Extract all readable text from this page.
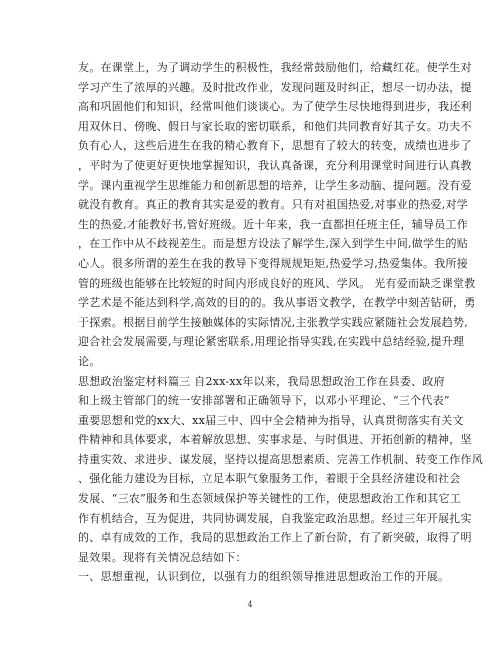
友。在课堂上，为了调动学生的积极性，我经常鼓励他们，给藏红花。使学生对
学习产生了浓厚的兴趣。及时批改作业，发现问题及时纠正，想尽一切办法，提
高和巩固他们和知识，经常叫他们谈谈心。为了使学生尽快地得到进步，我还利
用双休日、傍晚、假日与家长取的密切联系，和他们共同教育好其子女。功夫不
负有心人，这些后进生在我的精心教育下，思想有了较大的转变，成绩也进步了
，平时为了使更好更快地掌握知识，我认真备课，充分利用课堂时间进行认真教
学。课内重视学生思维能力和创新思想的培养，让学生多动脑、提问题。没有爱
就没有教育。真正的教育其实是爱的教育。只有对祖国热爱,对事业的热爱,对学
生的热爱,才能教好书,管好班级。近十年来，我一直都担任班主任，辅导员工作
，在工作中从不歧视差生。而是想方设法了解学生,深入到学生中间,做学生的贴
心人。很多所谓的差生在我的教导下变得规规矩矩,热爱学习,热爱集体。我所接
管的班级也能够在比较短的时间内形成良好的班风、学风。 光有爱而缺乏课堂教
学艺术是不能达到科学,高效的目的的。我从事语文教学，在教学中刻苦钻研，勇
于探索。根据目前学生接触媒体的实际情况,主张教学实践应紧随社会发展趋势,
迎合社会发展需要,与理论紧密联系,用理论指导实践,在实践中总结经验,提升理
论。
思想政治鉴定材料篇三 自2xx-xx年以来，我局思想政治工作在县委、政府
和上级主管部门的统一安排部署和正确领导下，以邓小平理论、“三个代表”
重要思想和党的xx大、xx届三中、四中全会精神为指导，认真贯彻落实有关文
件精神和具体要求，本着解放思想、实事求是、与时俱进、开拓创新的精神，坚
持重实效、求进步、谋发展，坚持以提高思想素质、完善工作机制、转变工作作风
、强化能力建设为目标，立足本职气象服务工作，着眼于全县经济建设和社会
发展、“三农”服务和生态领域保护等关键性的工作，使思想政治工作和其它工
作有机结合，互为促进，共同协调发展，自我鉴定政治思想。经过三年开展扎实
的、卓有成效的工作，我局的思想政治工作上了新台阶，有了新突破，取得了明
显效果。现将有关情况总结如下：
一、思想重视，认识到位，以强有力的组织领导推进思想政治工作的开展。
4
